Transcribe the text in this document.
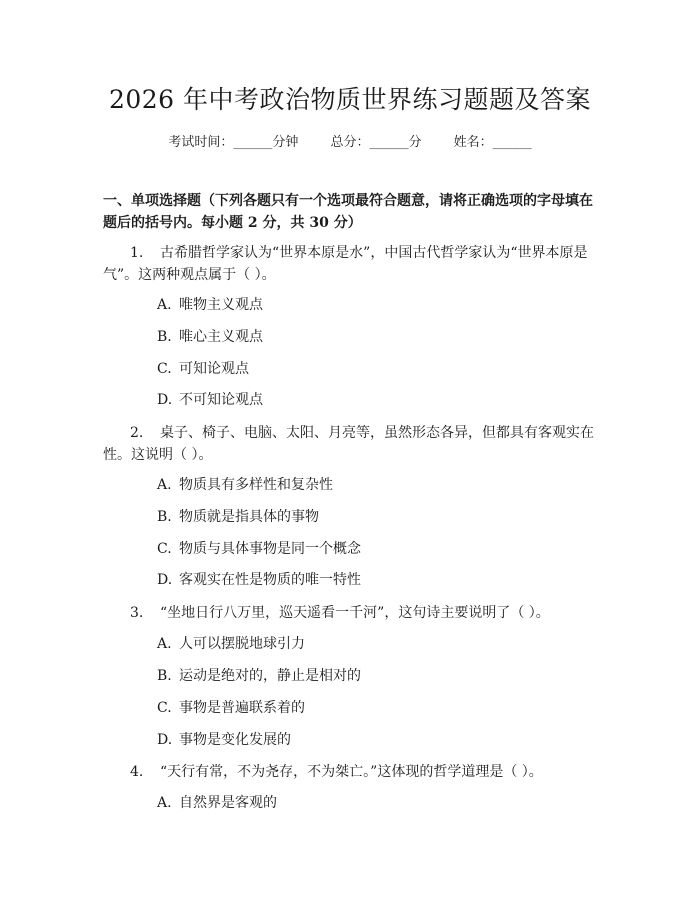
2026 年中考政治物质世界练习题题及答案
考试时间：______分钟 总分：______分 姓名：______
一、单项选择题（下列各题只有一个选项最符合题意，请将正确选项的字母填在题后的括号内。每小题 2 分，共 30 分）
1. 古希腊哲学家认为“世界本原是水”，中国古代哲学家认为“世界本原是气”。这两种观点属于（ ）。
A. 唯物主义观点
B. 唯心主义观点
C. 可知论观点
D. 不可知论观点
2. 桌子、椅子、电脑、太阳、月亮等，虽然形态各异，但都具有客观实在性。这说明（ ）。
A. 物质具有多样性和复杂性
B. 物质就是指具体的事物
C. 物质与具体事物是同一个概念
D. 客观实在性是物质的唯一特性
3. “坐地日行八万里，巡天遥看一千河”，这句诗主要说明了（ ）。
A. 人可以摆脱地球引力
B. 运动是绝对的，静止是相对的
C. 事物是普遍联系着的
D. 事物是变化发展的
4. “天行有常，不为尧存，不为桀亡。”这体现的哲学道理是（ ）。
A. 自然界是客观的
